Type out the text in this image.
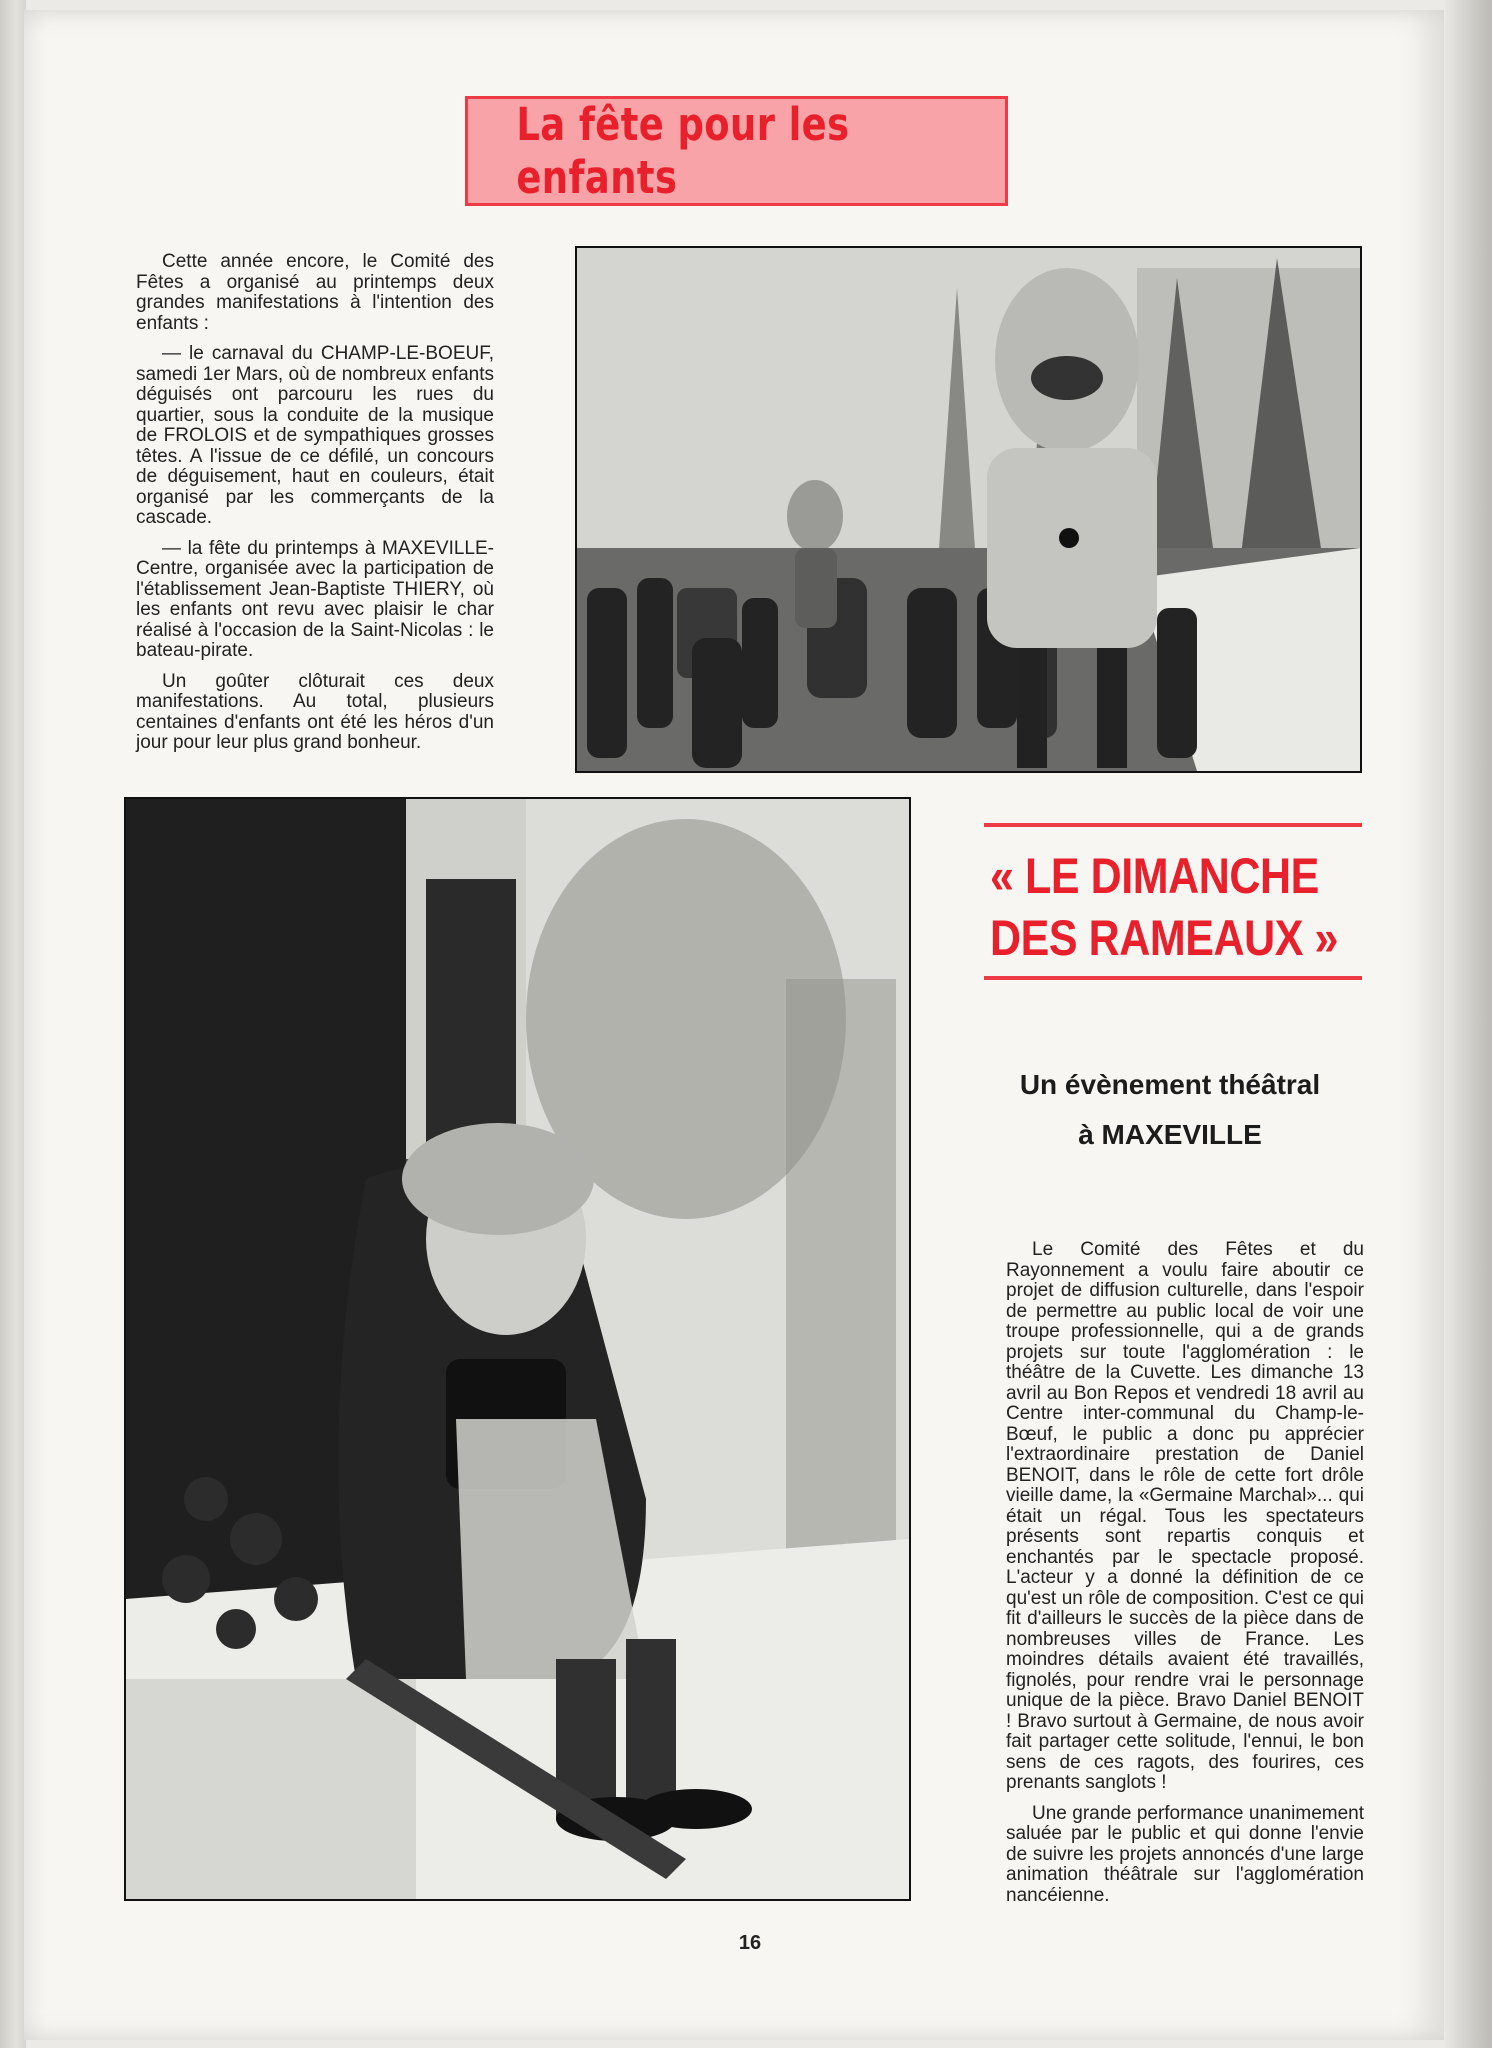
La fête pour les enfants

Cette année encore, le Comité des Fêtes a organisé au printemps deux grandes manifestations à l'intention des enfants :

— le carnaval du CHAMP-LE-BOEUF, samedi 1er Mars, où de nombreux enfants déguisés ont parcouru les rues du quartier, sous la conduite de la musique de FROLOIS et de sympathiques grosses têtes. A l'issue de ce défilé, un concours de déguisement, haut en couleurs, était organisé par les commerçants de la cascade.

— la fête du printemps à MAXEVILLE-Centre, organisée avec la participation de l'établissement Jean-Baptiste THIERY, où les enfants ont revu avec plaisir le char réalisé à l'occasion de la Saint-Nicolas : le bateau-pirate.

Un goûter clôturait ces deux manifestations. Au total, plusieurs centaines d'enfants ont été les héros d'un jour pour leur plus grand bonheur.

« LE DIMANCHE
DES RAMEAUX »
Un évènement théâtral
à MAXEVILLE

Le Comité des Fêtes et du Rayonnement a voulu faire aboutir ce projet de diffusion culturelle, dans l'espoir de permettre au public local de voir une troupe professionnelle, qui a de grands projets sur toute l'agglomération : le théâtre de la Cuvette. Les dimanche 13 avril au Bon Repos et vendredi 18 avril au Centre inter-communal du Champ-le-Bœuf, le public a donc pu apprécier l'extraordinaire prestation de Daniel BENOIT, dans le rôle de cette fort drôle vieille dame, la «Germaine Marchal»... qui était un régal. Tous les spectateurs présents sont repartis conquis et enchantés par le spectacle proposé. L'acteur y a donné la définition de ce qu'est un rôle de composition. C'est ce qui fit d'ailleurs le succès de la pièce dans de nombreuses villes de France. Les moindres détails avaient été travaillés, fignolés, pour rendre vrai le personnage unique de la pièce. Bravo Daniel BENOIT ! Bravo surtout à Germaine, de nous avoir fait partager cette solitude, l'ennui, le bon sens de ces ragots, des fourires, ces prenants sanglots !

Une grande performance unanimement saluée par le public et qui donne l'envie de suivre les projets annoncés d'une large animation théâtrale sur l'agglomération nancéienne.

16
